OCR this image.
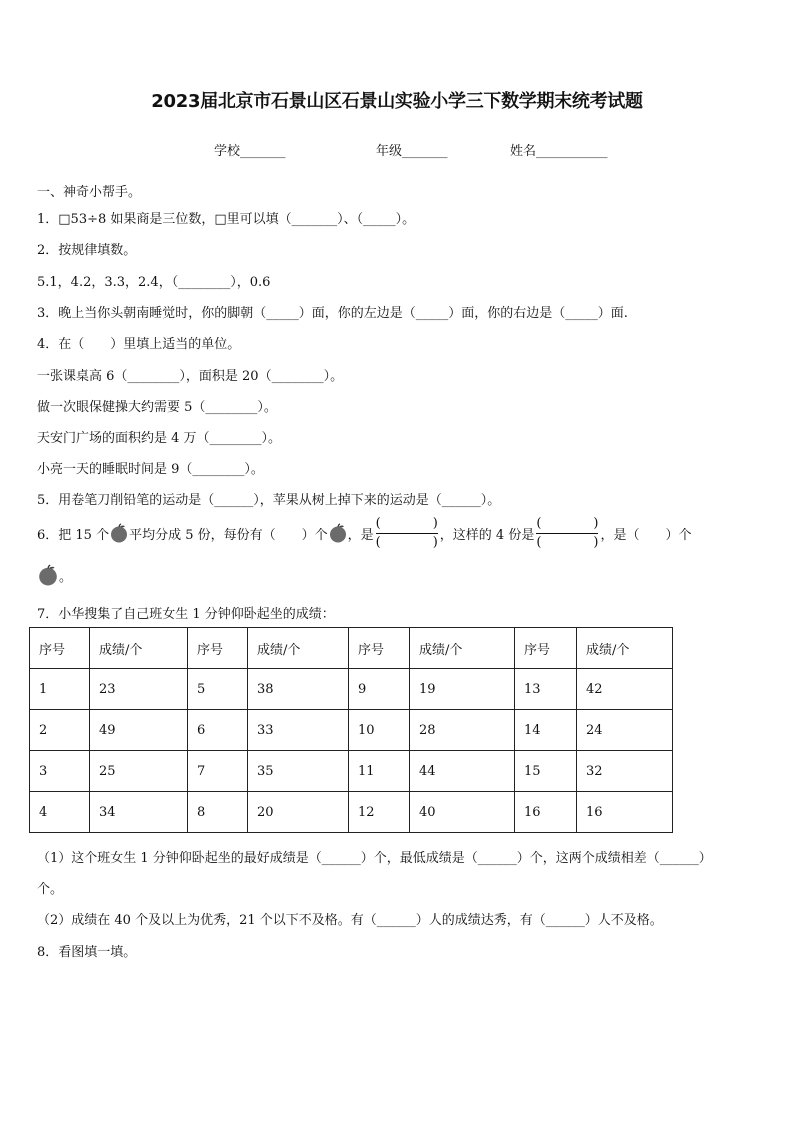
2023届北京市石景山区石景山实验小学三下数学期末统考试题
学校_______	年级_______	姓名___________
一、神奇小帮手。
1．□53÷8 如果商是三位数，□里可以填（_______）、（_____）。
2．按规律填数。
5.1，4.2，3.3，2.4，（________），0.6
3．晚上当你头朝南睡觉时，你的脚朝（_____）面，你的左边是（_____）面，你的右边是（_____）面.
4．在（　　）里填上适当的单位。
一张课桌高 6（________），面积是 20（________）。
做一次眼保健操大约需要 5（________）。
天安门广场的面积约是 4 万（________）。
小亮一天的睡眠时间是 9（________）。
5．用卷笔刀削铅笔的运动是（______），苹果从树上掉下来的运动是（______）。
6．把 15 个 平均分成 5 份，每份有（　　）个 ，是 $\frac{( )}{( )}$ ，这样的 4 份是 $\frac{( )}{( )}$ ，是（　　）个
。
7．小华搜集了自己班女生 1 分钟仰卧起坐的成绩：
序号	成绩/个	序号	成绩/个	序号	成绩/个	序号	成绩/个
1	23	5	38	9	19	13	42
2	49	6	33	10	28	14	24
3	25	7	35	11	44	15	32
4	34	8	20	12	40	16	16
（1）这个班女生 1 分钟仰卧起坐的最好成绩是（______）个，最低成绩是（______）个，这两个成绩相差（______）
个。
（2）成绩在 40 个及以上为优秀，21 个以下不及格。有（______）人的成绩达秀，有（______）人不及格。
8．看图填一填。
